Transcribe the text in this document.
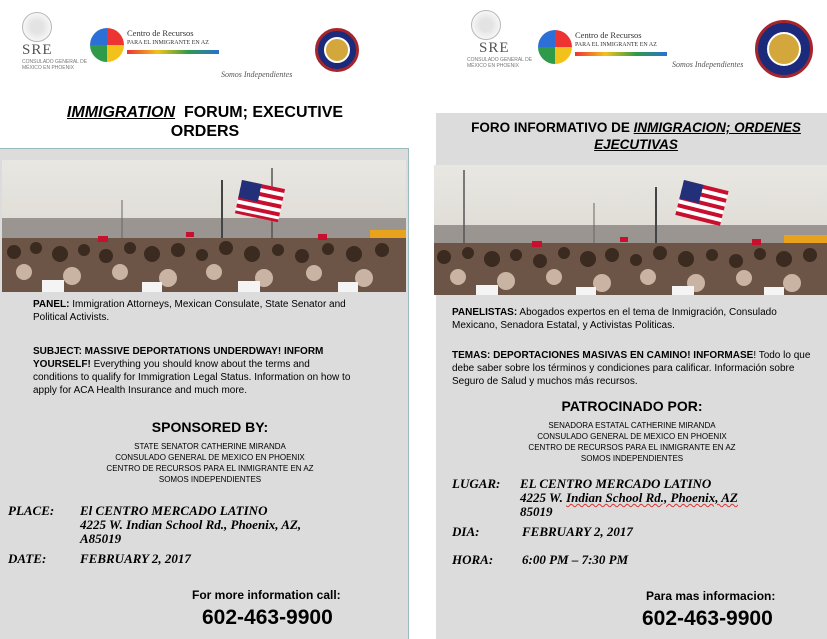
SRE
CONSULADO GENERAL DE MÉXICO EN PHOENIX
Centro de Recursos
PARA EL INMIGRANTE EN AZ
Somos Independientes
IMMIGRATION FORUM; EXECUTIVE
ORDERS
PANEL: Immigration Attorneys, Mexican Consulate, State Senator and Political Activists.
SUBJECT: MASSIVE DEPORTATIONS UNDERDWAY! INFORM YOURSELF! Everything you should know about the terms and conditions to qualify for Immigration Legal Status. Information on how to apply for ACA Health Insurance and much more.
SPONSORED BY:
STATE SENATOR CATHERINE MIRANDA
CONSULADO GENERAL DE MEXICO EN PHOENIX
CENTRO DE RECURSOS PARA EL INMIGRANTE EN AZ
SOMOS INDEPENDIENTES
PLACE: El CENTRO MERCADO LATINO
4225 W. Indian School Rd., Phoenix, AZ,
A85019
DATE:	FEBRUARY 2, 2017
For more information call:
602-463-9900
SRE
CONSULADO GENERAL DE MÉXICO EN PHOENIX
Centro de Recursos
PARA EL INMIGRANTE EN AZ
Somos Independientes
FORO INFORMATIVO DE INMIGRACION; ORDENES
EJECUTIVAS
PANELISTAS: Abogados expertos en el tema de Inmigración, Consulado Mexicano, Senadora Estatal, y Activistas Politicas.
TEMAS: DEPORTACIONES MASIVAS EN CAMINO! INFORMASE! Todo lo que debe saber sobre los términos y condiciones para calificar. Información sobre Seguro de Salud y muchos más recursos.
PATROCINADO POR:
SENADORA ESTATAL CATHERINE MIRANDA
CONSULADO GENERAL DE MEXICO EN PHOENIX
CENTRO DE RECURSOS PARA EL INMIGRANTE EN AZ
SOMOS INDEPENDIENTES
LUGAR: EL CENTRO MERCADO LATINO
4225 W. Indian School Rd., Phoenix, AZ
85019
DIA:	FEBRUARY 2, 2017
HORA: 6:00 PM – 7:30 PM
Para mas informacion:
602-463-9900
